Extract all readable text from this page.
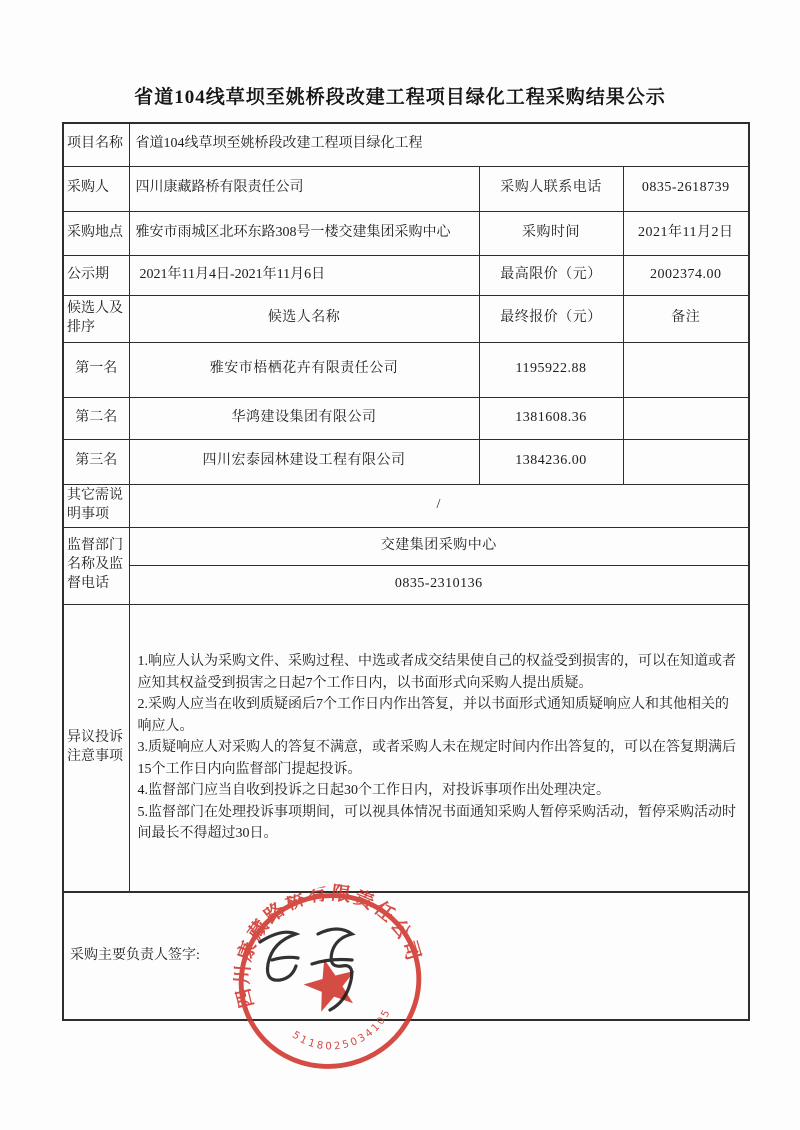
省道104线草坝至姚桥段改建工程项目绿化工程采购结果公示
项目名称	省道104线草坝至姚桥段改建工程项目绿化工程		
采购人	四川康藏路桥有限责任公司	采购人联系电话	0835-2618739
采购地点	雅安市雨城区北环东路308号一楼交建集团采购中心	采购时间	2021年11月2日
公示期	2021年11月4日-2021年11月6日	最高限价（元）	2002374.00
候选人及排序	候选人名称	最终报价（元）	备注
第一名	雅安市梧栖花卉有限责任公司	1195922.88	
第二名	华鸿建设集团有限公司	1381608.36	
第三名	四川宏泰园林建设工程有限公司	1384236.00	
其它需说明事项	/		
监督部门名称及监督电话	交建集团采购中心		
	0835-2310136		
异议投诉注意事项	1.响应人认为采购文件、采购过程、中选或者成交结果使自己的权益受到损害的，可以在知道或者应知其权益受到损害之日起7个工作日内，以书面形式向采购人提出质疑。
2.采购人应当在收到质疑函后7个工作日内作出答复，并以书面形式通知质疑响应人和其他相关的响应人。
3.质疑响应人对采购人的答复不满意，或者采购人未在规定时间内作出答复的，可以在答复期满后15个工作日内向监督部门提起投诉。
4.监督部门应当自收到投诉之日起30个工作日内，对投诉事项作出处理决定。
5.监督部门在处理投诉事项期间，可以视具体情况书面通知采购人暂停采购活动，暂停采购活动时间最长不得超过30日。		

采购主要负责人签字:			
四川康藏路桥有限责任公司
5118025034105
